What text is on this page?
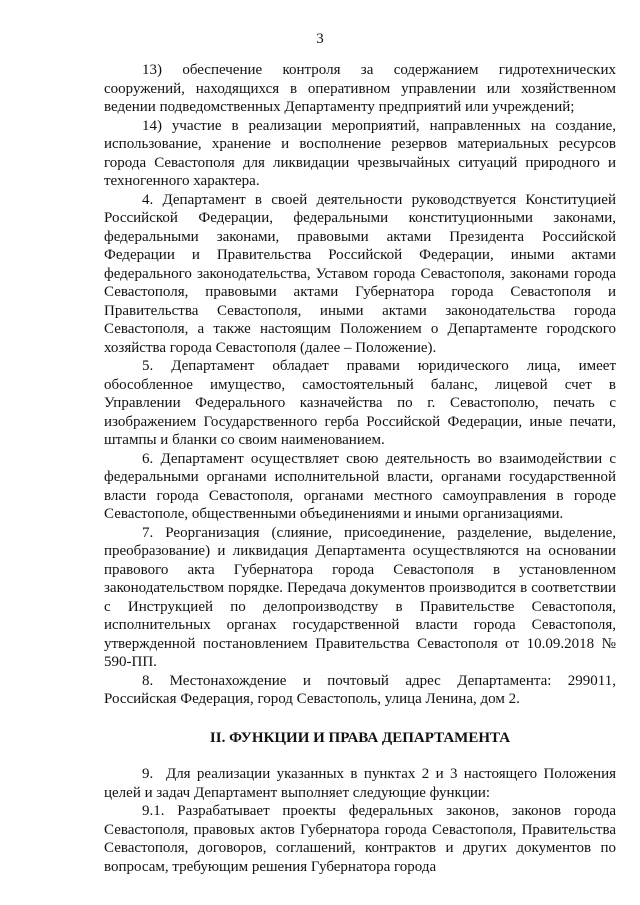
3

13) обеспечение контроля за содержанием гидротехнических сооружений, находящихся в оперативном управлении или хозяйственном ведении подведомственных Департаменту предприятий или учреждений;

14) участие в реализации мероприятий, направленных на создание, использование, хранение и восполнение резервов материальных ресурсов города Севастополя для ликвидации чрезвычайных ситуаций природного и техногенного характера.

4. Департамент в своей деятельности руководствуется Конституцией Российской Федерации, федеральными конституционными законами, федеральными законами, правовыми актами Президента Российской Федерации и Правительства Российской Федерации, иными актами федерального законодательства, Уставом города Севастополя, законами города Севастополя, правовыми актами Губернатора города Севастополя и Правительства Севастополя, иными актами законодательства города Севастополя, а также настоящим Положением о Департаменте городского хозяйства города Севастополя (далее – Положение).

5. Департамент обладает правами юридического лица, имеет обособленное имущество, самостоятельный баланс, лицевой счет в Управлении Федерального казначейства по г. Севастополю, печать с изображением Государственного герба Российской Федерации, иные печати, штампы и бланки со своим наименованием.

6. Департамент осуществляет свою деятельность во взаимодействии с федеральными органами исполнительной власти, органами государственной власти города Севастополя, органами местного самоуправления в городе Севастополе, общественными объединениями и иными организациями.

7. Реорганизация (слияние, присоединение, разделение, выделение, преобразование) и ликвидация Департамента осуществляются на основании правового акта Губернатора города Севастополя в установленном законодательством порядке. Передача документов производится в соответствии с Инструкцией по делопроизводству в Правительстве Севастополя, исполнительных органах государственной власти города Севастополя, утвержденной постановлением Правительства Севастополя от 10.09.2018 № 590-ПП.

8. Местонахождение и почтовый адрес Департамента: 299011, Российская Федерация, город Севастополь, улица Ленина, дом 2.

II. ФУНКЦИИ И ПРАВА ДЕПАРТАМЕНТА

9.  Для реализации указанных в пунктах 2 и 3 настоящего Положения целей и задач Департамент выполняет следующие функции:

9.1. Разрабатывает проекты федеральных законов, законов города Севастополя, правовых актов Губернатора города Севастополя, Правительства Севастополя, договоров, соглашений, контрактов и других документов по вопросам, требующим решения Губернатора города
